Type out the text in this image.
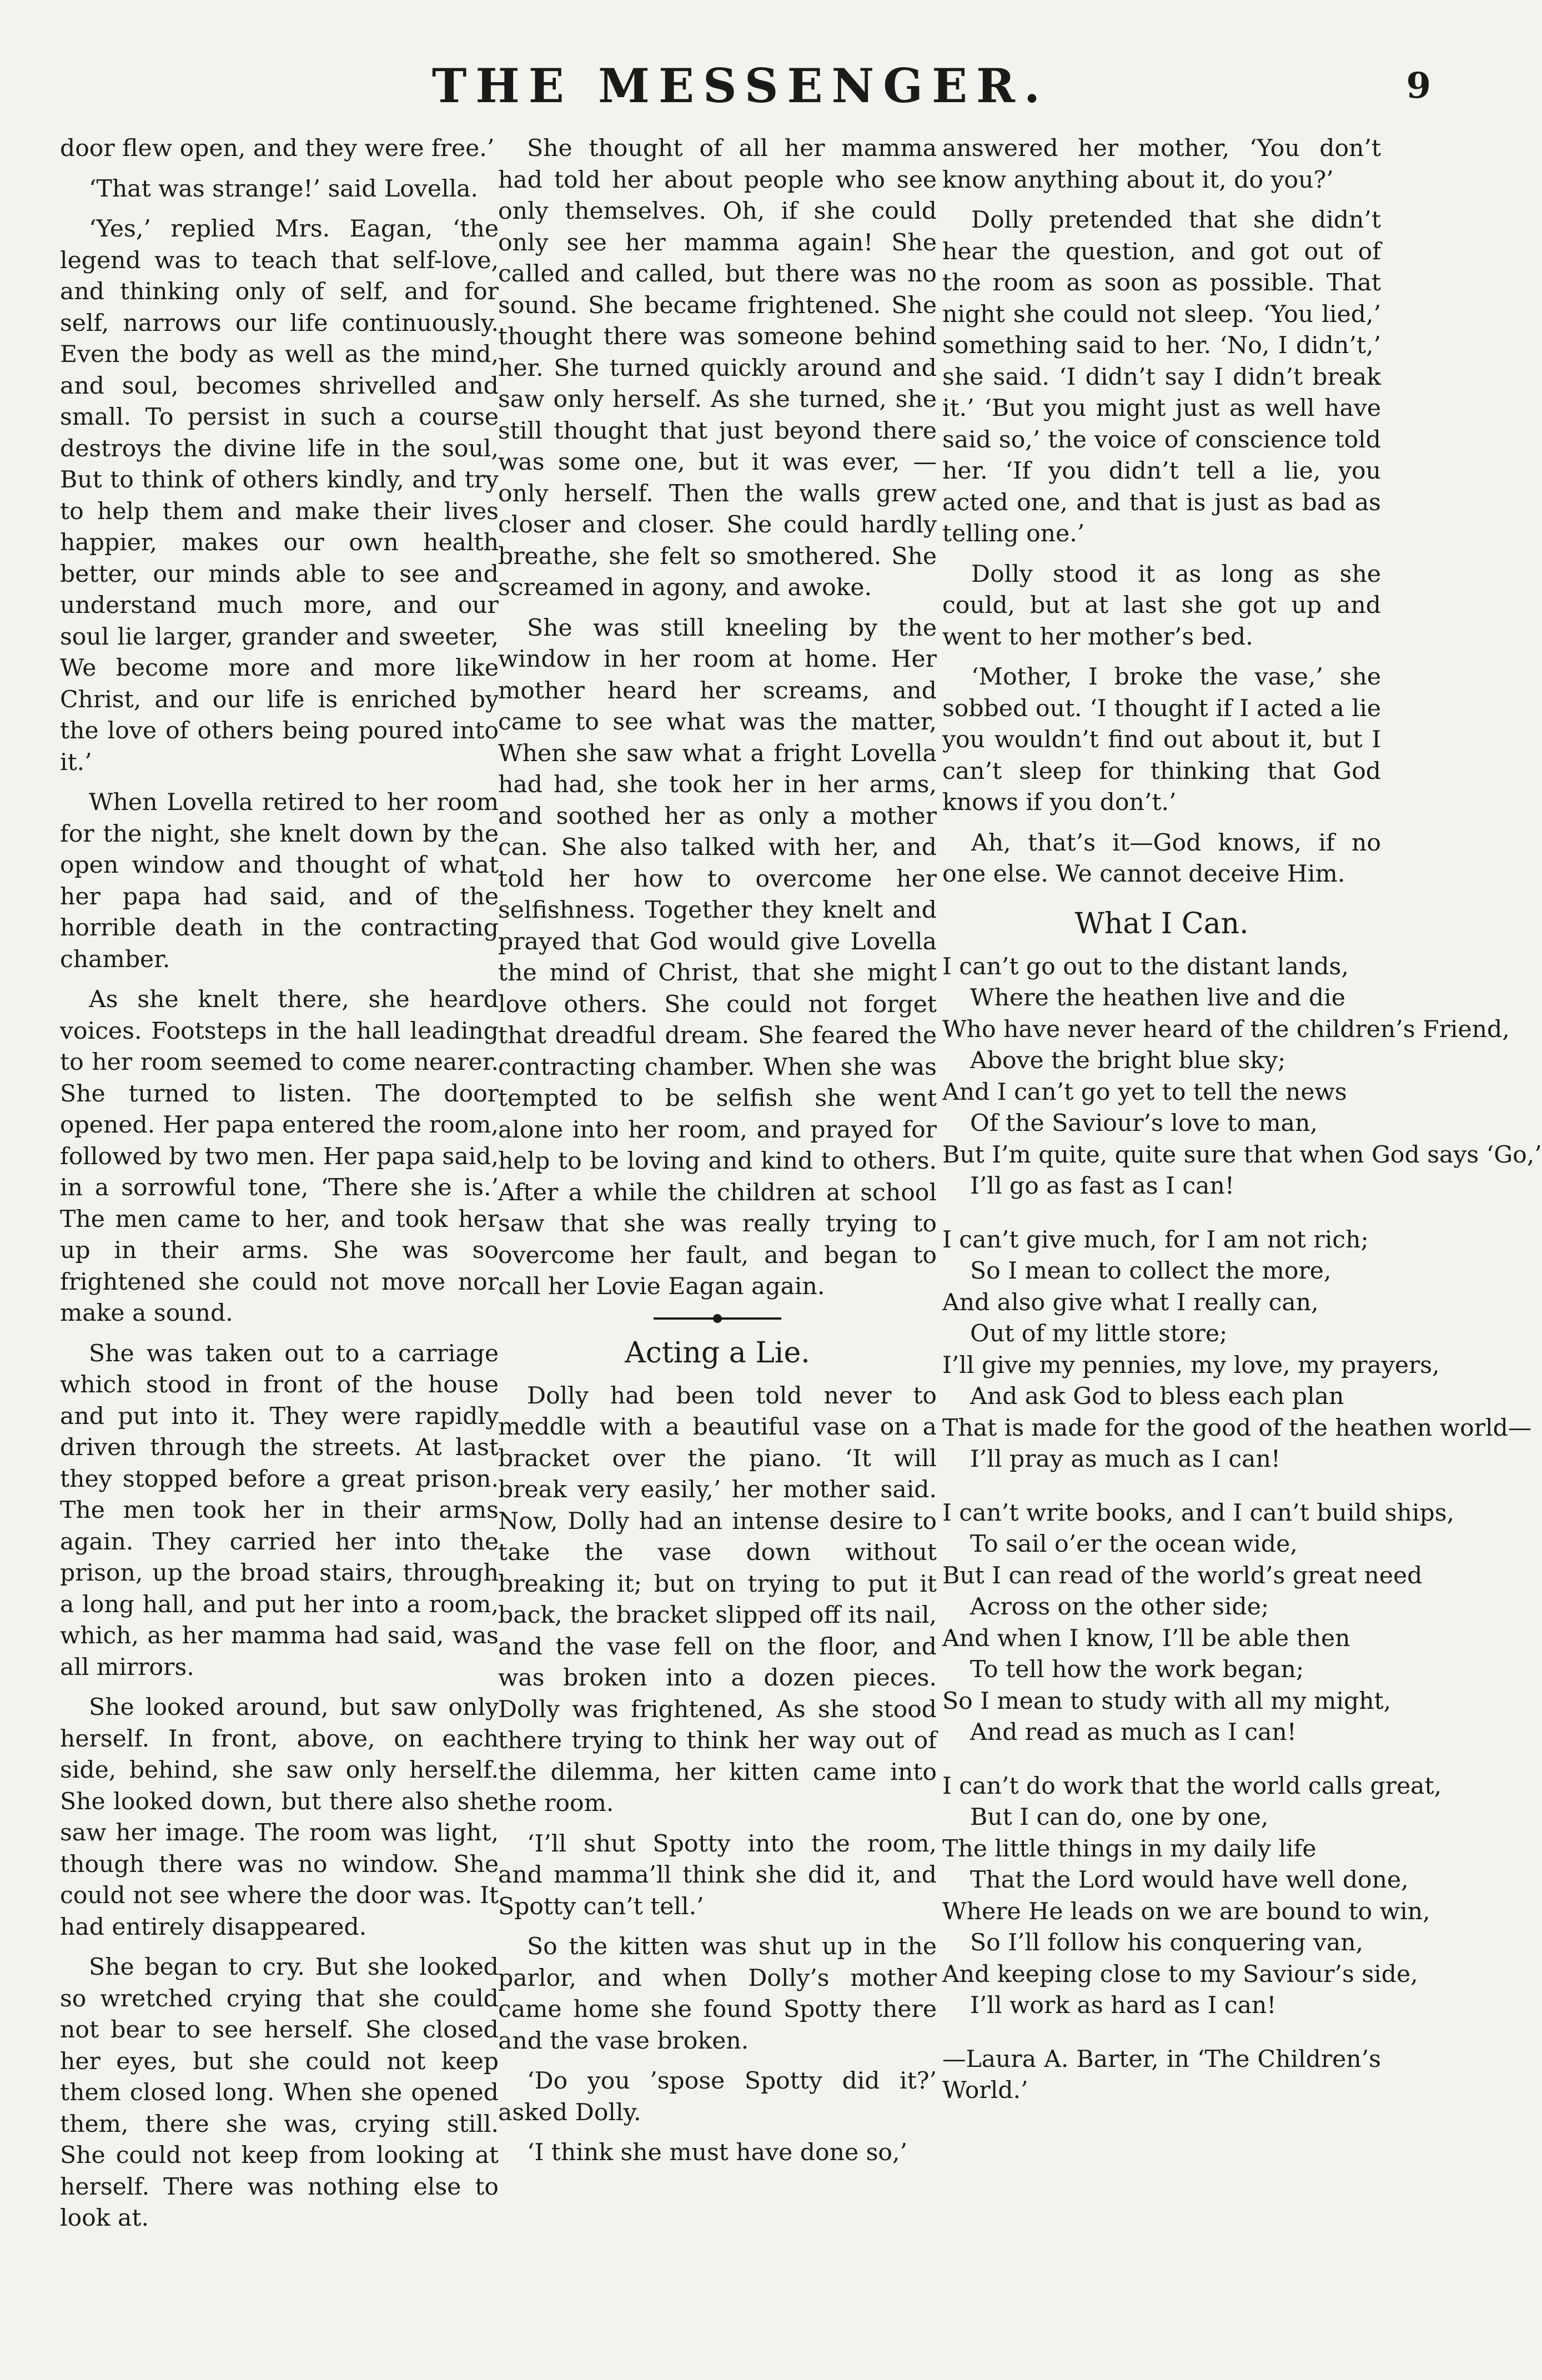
THE MESSENGER.	9

door flew open, and they were free.’

‘That was strange!’ said Lovella.

‘Yes,’ replied Mrs. Eagan, ‘the legend was to teach that self-love, and thinking only of self, and for self, narrows our life continuously. Even the body as well as the mind, and soul, becomes shrivelled and small. To persist in such a course destroys the divine life in the soul, But to think of others kindly, and try to help them and make their lives happier, makes our own health better, our minds able to see and understand much more, and our soul lie larger, grander and sweeter, We become more and more like Christ, and our life is enriched by the love of others being poured into it.’

When Lovella retired to her room for the night, she knelt down by the open window and thought of what her papa had said, and of the horrible death in the contracting chamber.

As she knelt there, she heard voices. Footsteps in the hall leading to her room seemed to come nearer. She turned to listen. The door opened. Her papa entered the room, followed by two men. Her papa said, in a sorrowful tone, ‘There she is.’ The men came to her, and took her up in their arms. She was so frightened she could not move nor make a sound.

She was taken out to a carriage which stood in front of the house and put into it. They were rapidly driven through the streets. At last they stopped before a great prison. The men took her in their arms again. They carried her into the prison, up the broad stairs, through a long hall, and put her into a room, which, as her mamma had said, was all mirrors.

She looked around, but saw only herself. In front, above, on each side, behind, she saw only herself. She looked down, but there also she saw her image. The room was light, though there was no window. She could not see where the door was. It had entirely disappeared.

She began to cry. But she looked so wretched crying that she could not bear to see herself. She closed her eyes, but she could not keep them closed long. When she opened them, there she was, crying still. She could not keep from looking at herself. There was nothing else to look at.

She thought of all her mamma had told her about people who see only themselves. Oh, if she could only see her mamma again! She called and called, but there was no sound. She became frightened. She thought there was someone behind her. She turned quickly around and saw only herself. As she turned, she still thought that just beyond there was some one, but it was ever, — only herself. Then the walls grew closer and closer. She could hardly breathe, she felt so smothered. She screamed in agony, and awoke.

She was still kneeling by the window in her room at home. Her mother heard her screams, and came to see what was the matter, When she saw what a fright Lovella had had, she took her in her arms, and soothed her as only a mother can. She also talked with her, and told her how to overcome her selfishness. Together they knelt and prayed that God would give Lovella the mind of Christ, that she might love others. She could not forget that dreadful dream. She feared the contracting chamber. When she was tempted to be selfish she went alone into her room, and prayed for help to be loving and kind to others. After a while the children at school saw that she was really trying to overcome her fault, and began to call her Lovie Eagan again.

Acting a Lie.

Dolly had been told never to meddle with a beautiful vase on a bracket over the piano. ‘It will break very easily,’ her mother said. Now, Dolly had an intense desire to take the vase down without breaking it; but on trying to put it back, the bracket slipped off its nail, and the vase fell on the floor, and was broken into a dozen pieces. Dolly was frightened, As she stood there trying to think her way out of the dilemma, her kitten came into the room.

‘I’ll shut Spotty into the room, and mamma’ll think she did it, and Spotty can’t tell.’

So the kitten was shut up in the parlor, and when Dolly’s mother came home she found Spotty there and the vase broken.

‘Do you ’spose Spotty did it?’ asked Dolly.

‘I think she must have done so,’

answered her mother, ‘You don’t know anything about it, do you?’

Dolly pretended that she didn’t hear the question, and got out of the room as soon as possible. That night she could not sleep. ‘You lied,’ something said to her. ‘No, I didn’t,’ she said. ‘I didn’t say I didn’t break it.’ ‘But you might just as well have said so,’ the voice of conscience told her. ‘If you didn’t tell a lie, you acted one, and that is just as bad as telling one.’

Dolly stood it as long as she could, but at last she got up and went to her mother’s bed.

‘Mother, I broke the vase,’ she sobbed out. ‘I thought if I acted a lie you wouldn’t find out about it, but I can’t sleep for thinking that God knows if you don’t.’

Ah, that’s it—God knows, if no one else. We cannot deceive Him.

What I Can.
I can’t go out to the distant lands,
Where the heathen live and die
Who have never heard of the children’s Friend,
Above the bright blue sky;
And I can’t go yet to tell the news
Of the Saviour’s love to man,
But I’m quite, quite sure that when God says ‘Go,’
I’ll go as fast as I can!
I can’t give much, for I am not rich;
So I mean to collect the more,
And also give what I really can,
Out of my little store;
I’ll give my pennies, my love, my prayers,
And ask God to bless each plan
That is made for the good of the heathen world—
I’ll pray as much as I can!
I can’t write books, and I can’t build ships,
To sail o’er the ocean wide,
But I can read of the world’s great need
Across on the other side;
And when I know, I’ll be able then
To tell how the work began;
So I mean to study with all my might,
And read as much as I can!
I can’t do work that the world calls great,
But I can do, one by one,
The little things in my daily life
That the Lord would have well done,
Where He leads on we are bound to win,
So I’ll follow his conquering van,
And keeping close to my Saviour’s side,
I’ll work as hard as I can!
—Laura A. Barter, in ‘The Children’s World.’
